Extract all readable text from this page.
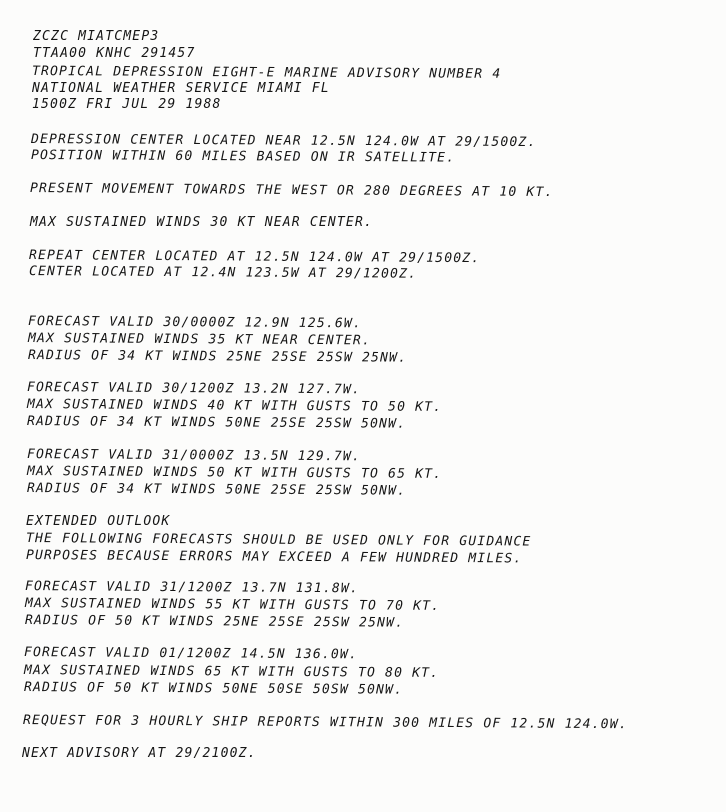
ZCZC MIATCMEP3
TTAA00 KNHC 291457
TROPICAL DEPRESSION EIGHT-E MARINE ADVISORY NUMBER 4
NATIONAL WEATHER SERVICE MIAMI FL
1500Z FRI JUL 29 1988
DEPRESSION CENTER LOCATED NEAR 12.5N 124.0W AT 29/1500Z.
POSITION WITHIN 60 MILES BASED ON IR SATELLITE.
PRESENT MOVEMENT TOWARDS THE WEST OR 280 DEGREES AT 10 KT.
MAX SUSTAINED WINDS 30 KT NEAR CENTER.
REPEAT CENTER LOCATED AT 12.5N 124.0W AT 29/1500Z.
CENTER LOCATED AT 12.4N 123.5W AT 29/1200Z.
FORECAST VALID 30/0000Z 12.9N 125.6W.
MAX SUSTAINED WINDS 35 KT NEAR CENTER.
RADIUS OF 34 KT WINDS 25NE 25SE 25SW 25NW.
FORECAST VALID 30/1200Z 13.2N 127.7W.
MAX SUSTAINED WINDS 40 KT WITH GUSTS TO 50 KT.
RADIUS OF 34 KT WINDS 50NE 25SE 25SW 50NW.
FORECAST VALID 31/0000Z 13.5N 129.7W.
MAX SUSTAINED WINDS 50 KT WITH GUSTS TO 65 KT.
RADIUS OF 34 KT WINDS 50NE 25SE 25SW 50NW.
EXTENDED OUTLOOK
THE FOLLOWING FORECASTS SHOULD BE USED ONLY FOR GUIDANCE
PURPOSES BECAUSE ERRORS MAY EXCEED A FEW HUNDRED MILES.
FORECAST VALID 31/1200Z 13.7N 131.8W.
MAX SUSTAINED WINDS 55 KT WITH GUSTS TO 70 KT.
RADIUS OF 50 KT WINDS 25NE 25SE 25SW 25NW.
FORECAST VALID 01/1200Z 14.5N 136.0W.
MAX SUSTAINED WINDS 65 KT WITH GUSTS TO 80 KT.
RADIUS OF 50 KT WINDS 50NE 50SE 50SW 50NW.
REQUEST FOR 3 HOURLY SHIP REPORTS WITHIN 300 MILES OF 12.5N 124.0W.
NEXT ADVISORY AT 29/2100Z.
